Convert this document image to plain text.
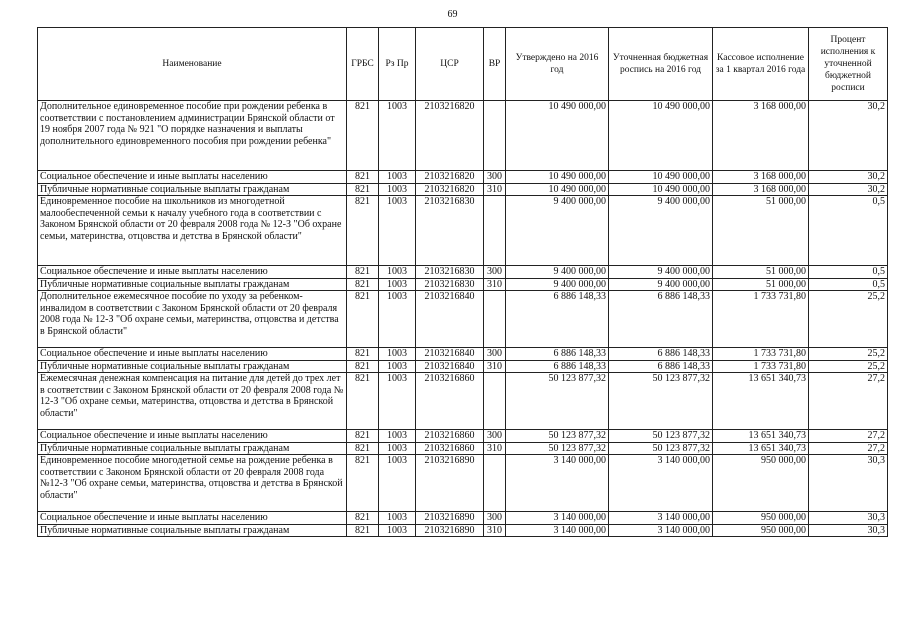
69
Наименование	ГРБС	Рз Пр	ЦСР	ВР	Утверждено на 2016 год	Уточненная бюджетная роспись на 2016 год	Кассовое исполнение за 1 квартал 2016 года	Процент исполнения к уточненной бюджетной росписи
Дополнительное единовременное пособие при рождении ребенка в соответствии с постановлением администрации Брянской области от 19 ноября 2007 года № 921 "О порядке назначения и выплаты дополнительного единовременного пособия при рождении ребенка"	821	1003	2103216820		10 490 000,00	10 490 000,00	3 168 000,00	30,2
Социальное обеспечение и иные выплаты населению	821	1003	2103216820	300	10 490 000,00	10 490 000,00	3 168 000,00	30,2
Публичные нормативные социальные выплаты гражданам	821	1003	2103216820	310	10 490 000,00	10 490 000,00	3 168 000,00	30,2
Единовременное пособие на школьников из многодетной малообеспеченной семьи к началу учебного года в соответствии с Законом Брянской области от 20 февраля 2008 года № 12-З "Об охране семьи, материнства, отцовства и детства в Брянской области"	821	1003	2103216830		9 400 000,00	9 400 000,00	51 000,00	0,5
Социальное обеспечение и иные выплаты населению	821	1003	2103216830	300	9 400 000,00	9 400 000,00	51 000,00	0,5
Публичные нормативные социальные выплаты гражданам	821	1003	2103216830	310	9 400 000,00	9 400 000,00	51 000,00	0,5
Дополнительное ежемесячное пособие по уходу за ребенком-инвалидом в соответствии с Законом Брянской области от 20 февраля 2008 года № 12-З "Об охране семьи, материнства, отцовства и детства в Брянской области"	821	1003	2103216840		6 886 148,33	6 886 148,33	1 733 731,80	25,2
Социальное обеспечение и иные выплаты населению	821	1003	2103216840	300	6 886 148,33	6 886 148,33	1 733 731,80	25,2
Публичные нормативные социальные выплаты гражданам	821	1003	2103216840	310	6 886 148,33	6 886 148,33	1 733 731,80	25,2
Ежемесячная денежная компенсация на питание для детей до трех лет в соответствии с Законом Брянской области от 20 февраля 2008 года № 12-З "Об охране семьи, материнства, отцовства и детства в Брянской области"	821	1003	2103216860		50 123 877,32	50 123 877,32	13 651 340,73	27,2
Социальное обеспечение и иные выплаты населению	821	1003	2103216860	300	50 123 877,32	50 123 877,32	13 651 340,73	27,2
Публичные нормативные социальные выплаты гражданам	821	1003	2103216860	310	50 123 877,32	50 123 877,32	13 651 340,73	27,2
Единовременное пособие многодетной семье на рождение ребенка в соответствии с Законом Брянской области от 20 февраля 2008 года №12-З "Об охране семьи, материнства, отцовства и детства в Брянской области"	821	1003	2103216890		3 140 000,00	3 140 000,00	950 000,00	30,3
Социальное обеспечение и иные выплаты населению	821	1003	2103216890	300	3 140 000,00	3 140 000,00	950 000,00	30,3
Публичные нормативные социальные выплаты гражданам	821	1003	2103216890	310	3 140 000,00	3 140 000,00	950 000,00	30,3
